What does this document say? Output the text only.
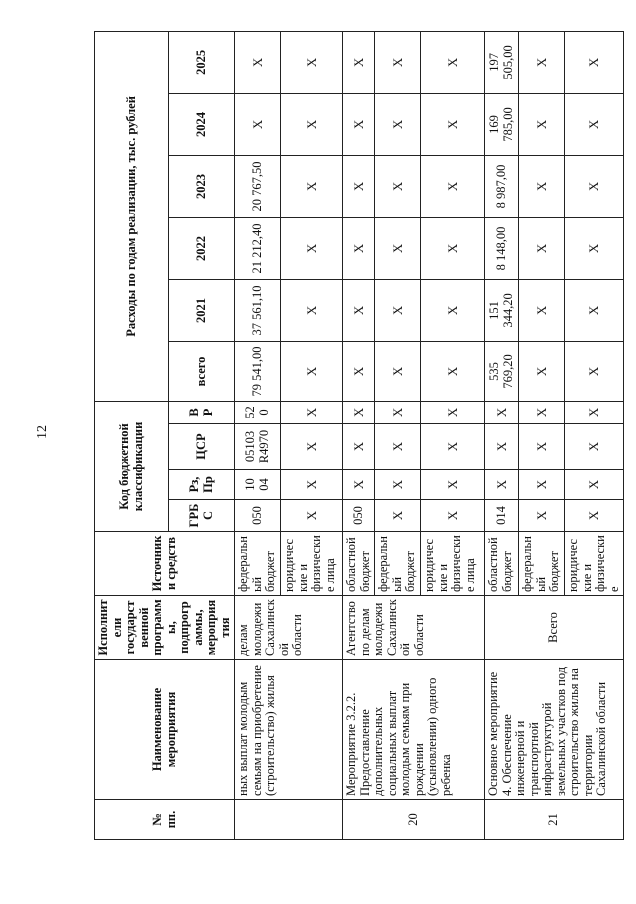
12
№ пп.	Наименование мероприятия	Исполнители государственной программы, подпрограммы, мероприятия	Источники средств	Код бюджетной классификации				Расходы по годам реализации, тыс. рублей					
				ГРБС	Рз, Пр	ЦСР	ВР	всего	2021	2022	2023	2024	2025
	ных выплат молодым семьям на приобретение (строительство) жилья	делам молодежи Сахалинской области	федеральный бюджет	050	10 04	05103 R4970	52 0	79 541,00	37 561,10	21 212,40	20 767,50	X	X
			юридические и физические лица	X	X	X	X	X	X	X	X	X	X
20	Мероприятие 3.2.2. Предоставление дополнительных социальных выплат молодым семьям при рождении (усыновлении) одного ребенка	Агентство по делам молодежи Сахалинской области	областной бюджет	050	X	X	X	X	X	X	X	X	X
			федеральный бюджет	X	X	X	X	X	X	X	X	X	X
			юридические и физические лица	X	X	X	X	X	X	X	X	X	X
21	Основное мероприятие 4. Обеспечение инженерной и транспортной инфраструктурой земельных участков под строительство жилья на территории Сахалинской области	Всего	областной бюджет	014	X	X	X	535 769,20	151 344,20	8 148,00	8 987,00	169 785,00	197 505,00
			федеральный бюджет	X	X	X	X	X	X	X	X	X	X
			юридические и физические	X	X	X	X	X	X	X	X	X	X
